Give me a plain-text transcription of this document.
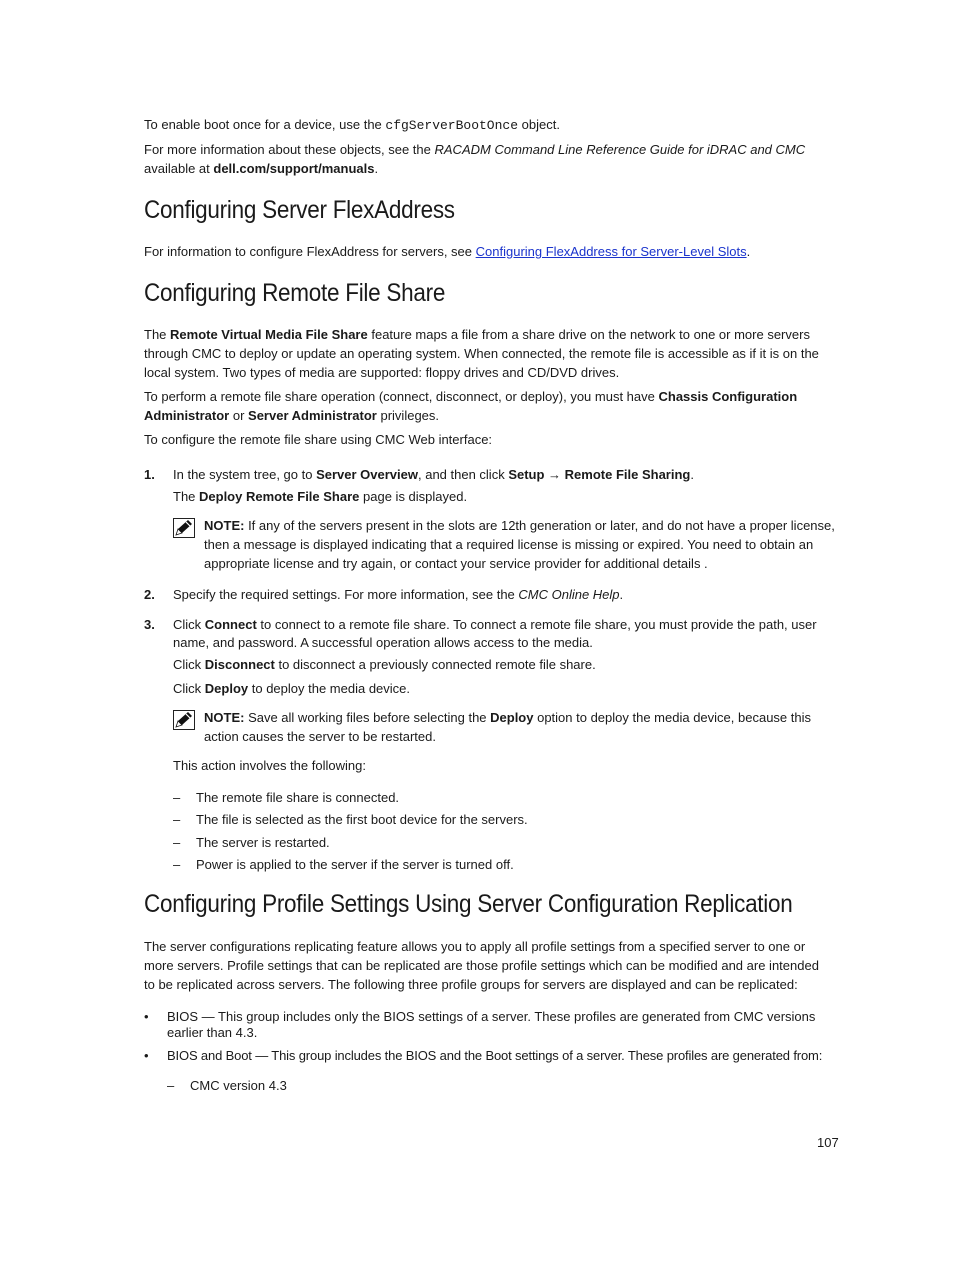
To enable boot once for a device, use the cfgServerBootOnce object.

For more information about these objects, see the RACADM Command Line Reference Guide for iDRAC and CMC

available at dell.com/support/manuals.

Configuring Server FlexAddress

For information to configure FlexAddress for servers, see Configuring FlexAddress for Server-Level Slots.

Configuring Remote File Share

The Remote Virtual Media File Share feature maps a file from a share drive on the network to one or more servers

through CMC to deploy or update an operating system. When connected, the remote file is accessible as if it is on the

local system. Two types of media are supported: floppy drives and CD/DVD drives.

To perform a remote file share operation (connect, disconnect, or deploy), you must have Chassis Configuration

Administrator or Server Administrator privileges.

To configure the remote file share using CMC Web interface:

1. In the system tree, go to Server Overview, and then click Setup → Remote File Sharing.

The Deploy Remote File Share page is displayed.

NOTE: If any of the servers present in the slots are 12th generation or later, and do not have a proper license,

then a message is displayed indicating that a required license is missing or expired. You need to obtain an

appropriate license and try again, or contact your service provider for additional details .

2. Specify the required settings. For more information, see the CMC Online Help.

3. Click Connect to connect to a remote file share. To connect a remote file share, you must provide the path, user

name, and password. A successful operation allows access to the media.

Click Disconnect to disconnect a previously connected remote file share.

Click Deploy to deploy the media device.

NOTE: Save all working files before selecting the Deploy option to deploy the media device, because this

action causes the server to be restarted.

This action involves the following:

– The remote file share is connected.
– The file is selected as the first boot device for the servers.
– The server is restarted.
– Power is applied to the server if the server is turned off.
Configuring Profile Settings Using Server Configuration Replication

The server configurations replicating feature allows you to apply all profile settings from a specified server to one or

more servers. Profile settings that can be replicated are those profile settings which can be modified and are intended

to be replicated across servers. The following three profile groups for servers are displayed and can be replicated:

• BIOS — This group includes only the BIOS settings of a server. These profiles are generated from CMC versions

earlier than 4.3.

• BIOS and Boot — This group includes the BIOS and the Boot settings of a server. These profiles are generated from:

– CMC version 4.3
107
